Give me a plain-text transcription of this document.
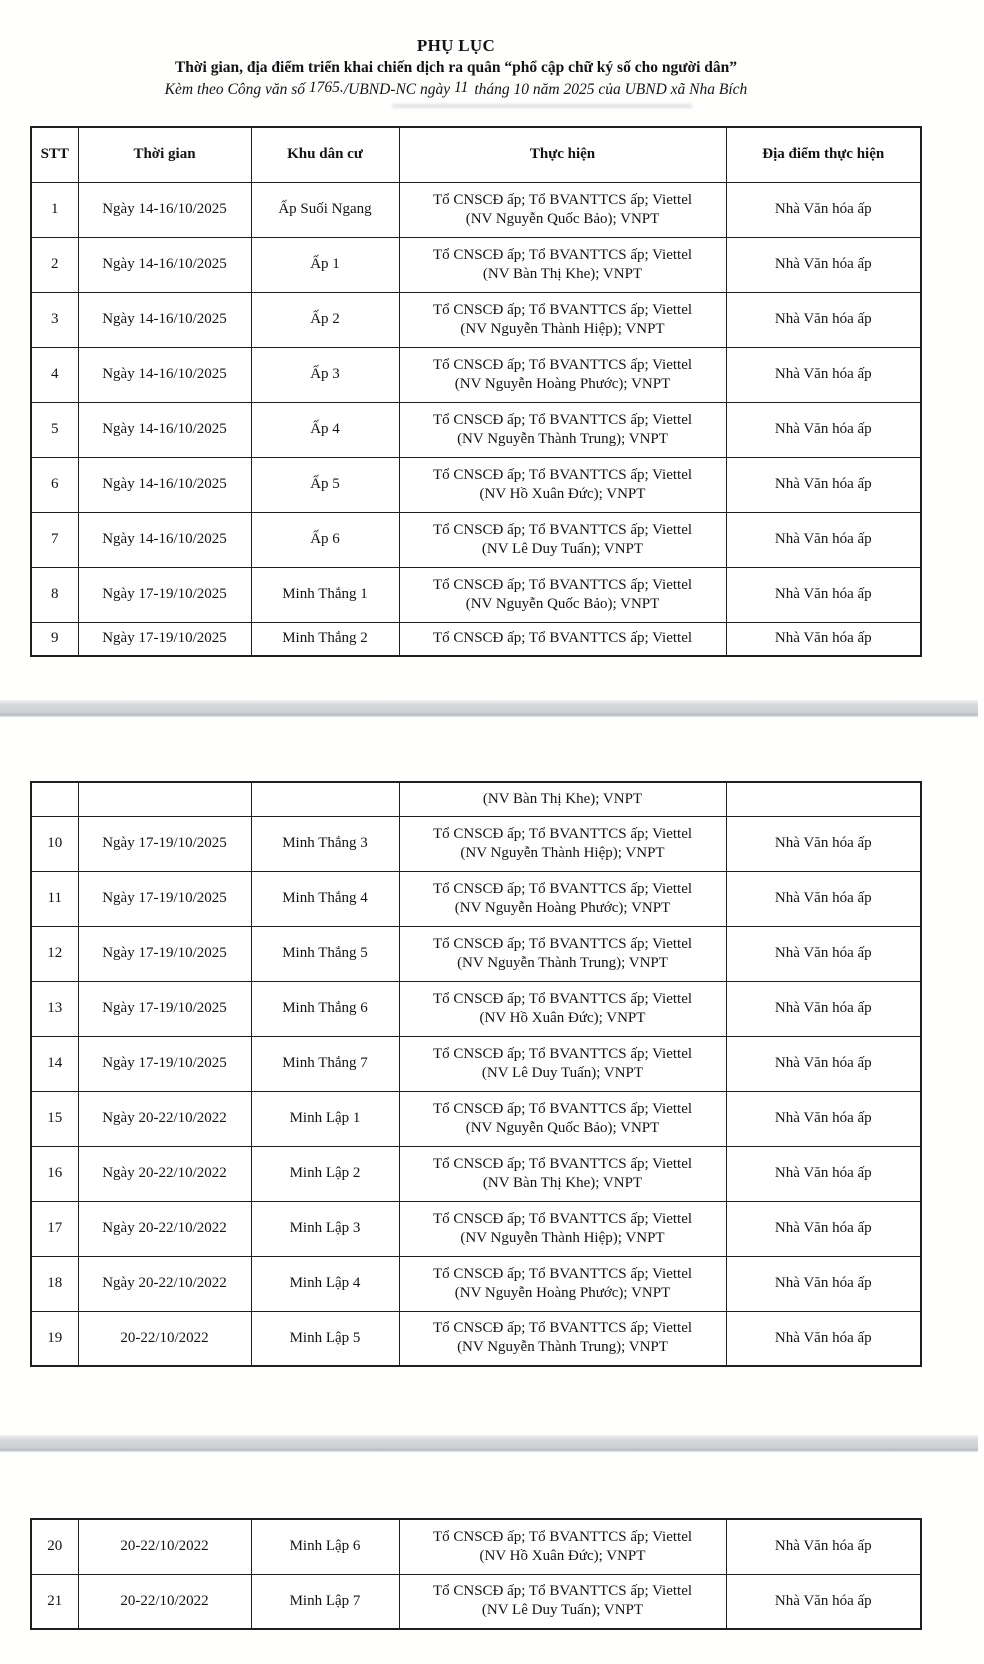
PHỤ LỤC
Thời gian, địa điểm triển khai chiến dịch ra quân “phổ cập chữ ký số cho người dân”
Kèm theo Công văn số 1765./UBND-NC ngày 11 tháng 10 năm 2025 của UBND xã Nha Bích
STT	Thời gian	Khu dân cư	Thực hiện	Địa điểm thực hiện
1	Ngày 14-16/10/2025	Ấp Suối Ngang	Tổ CNSCĐ ấp; Tổ BVANTTCS ấp; Viettel
(NV Nguyễn Quốc Bảo); VNPT	Nhà Văn hóa ấp
2	Ngày 14-16/10/2025	Ấp 1	Tổ CNSCĐ ấp; Tổ BVANTTCS ấp; Viettel
(NV Bàn Thị Khe); VNPT	Nhà Văn hóa ấp
3	Ngày 14-16/10/2025	Ấp 2	Tổ CNSCĐ ấp; Tổ BVANTTCS ấp; Viettel
(NV Nguyễn Thành Hiệp); VNPT	Nhà Văn hóa ấp
4	Ngày 14-16/10/2025	Ấp 3	Tổ CNSCĐ ấp; Tổ BVANTTCS ấp; Viettel
(NV Nguyễn Hoàng Phước); VNPT	Nhà Văn hóa ấp
5	Ngày 14-16/10/2025	Ấp 4	Tổ CNSCĐ ấp; Tổ BVANTTCS ấp; Viettel
(NV Nguyễn Thành Trung); VNPT	Nhà Văn hóa ấp
6	Ngày 14-16/10/2025	Ấp 5	Tổ CNSCĐ ấp; Tổ BVANTTCS ấp; Viettel
(NV Hồ Xuân Đức); VNPT	Nhà Văn hóa ấp
7	Ngày 14-16/10/2025	Ấp 6	Tổ CNSCĐ ấp; Tổ BVANTTCS ấp; Viettel
(NV Lê Duy Tuấn); VNPT	Nhà Văn hóa ấp
8	Ngày 17-19/10/2025	Minh Thắng 1	Tổ CNSCĐ ấp; Tổ BVANTTCS ấp; Viettel
(NV Nguyễn Quốc Bảo); VNPT	Nhà Văn hóa ấp
9	Ngày 17-19/10/2025	Minh Thắng 2	Tổ CNSCĐ ấp; Tổ BVANTTCS ấp; Viettel	Nhà Văn hóa ấp

			(NV Bàn Thị Khe); VNPT	

10	Ngày 17-19/10/2025	Minh Thắng 3	Tổ CNSCĐ ấp; Tổ BVANTTCS ấp; Viettel
(NV Nguyễn Thành Hiệp); VNPT	Nhà Văn hóa ấp
11	Ngày 17-19/10/2025	Minh Thắng 4	Tổ CNSCĐ ấp; Tổ BVANTTCS ấp; Viettel
(NV Nguyễn Hoàng Phước); VNPT	Nhà Văn hóa ấp
12	Ngày 17-19/10/2025	Minh Thắng 5	Tổ CNSCĐ ấp; Tổ BVANTTCS ấp; Viettel
(NV Nguyễn Thành Trung); VNPT	Nhà Văn hóa ấp
13	Ngày 17-19/10/2025	Minh Thắng 6	Tổ CNSCĐ ấp; Tổ BVANTTCS ấp; Viettel
(NV Hồ Xuân Đức); VNPT	Nhà Văn hóa ấp
14	Ngày 17-19/10/2025	Minh Thắng 7	Tổ CNSCĐ ấp; Tổ BVANTTCS ấp; Viettel
(NV Lê Duy Tuấn); VNPT	Nhà Văn hóa ấp
15	Ngày 20-22/10/2022	Minh Lập 1	Tổ CNSCĐ ấp; Tổ BVANTTCS ấp; Viettel
(NV Nguyễn Quốc Bảo); VNPT	Nhà Văn hóa ấp
16	Ngày 20-22/10/2022	Minh Lập 2	Tổ CNSCĐ ấp; Tổ BVANTTCS ấp; Viettel
(NV Bàn Thị Khe); VNPT	Nhà Văn hóa ấp
17	Ngày 20-22/10/2022	Minh Lập 3	Tổ CNSCĐ ấp; Tổ BVANTTCS ấp; Viettel
(NV Nguyễn Thành Hiệp); VNPT	Nhà Văn hóa ấp
18	Ngày 20-22/10/2022	Minh Lập 4	Tổ CNSCĐ ấp; Tổ BVANTTCS ấp; Viettel
(NV Nguyễn Hoàng Phước); VNPT	Nhà Văn hóa ấp
19	20-22/10/2022	Minh Lập 5	Tổ CNSCĐ ấp; Tổ BVANTTCS ấp; Viettel
(NV Nguyễn Thành Trung); VNPT	Nhà Văn hóa ấp
20	20-22/10/2022	Minh Lập 6	Tổ CNSCĐ ấp; Tổ BVANTTCS ấp; Viettel
(NV Hồ Xuân Đức); VNPT	Nhà Văn hóa ấp
21	20-22/10/2022	Minh Lập 7	Tổ CNSCĐ ấp; Tổ BVANTTCS ấp; Viettel
(NV Lê Duy Tuấn); VNPT	Nhà Văn hóa ấp
